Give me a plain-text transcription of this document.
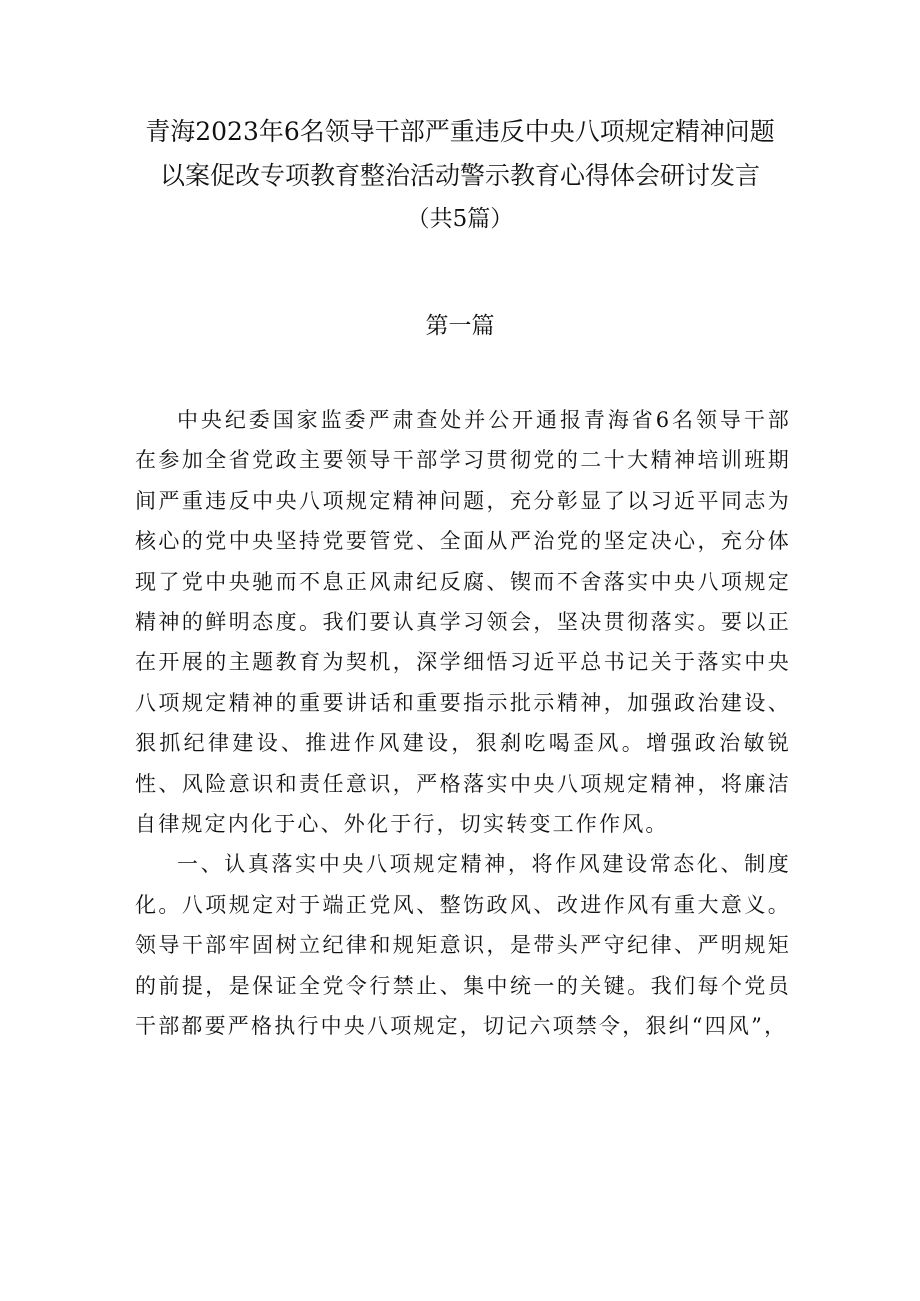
青海2023年6名领导干部严重违反中央八项规定精神问题
以案促改专项教育整治活动警示教育心得体会研讨发言
（共5篇）
第一篇

中央纪委国家监委严肃查处并公开通报青海省6名领导干部在参加全省党政主要领导干部学习贯彻党的二十大精神培训班期间严重违反中央八项规定精神问题，充分彰显了以习近平同志为核心的党中央坚持党要管党、全面从严治党的坚定决心，充分体现了党中央驰而不息正风肃纪反腐、锲而不舍落实中央八项规定精神的鲜明态度。我们要认真学习领会，坚决贯彻落实。要以正在开展的主题教育为契机，深学细悟习近平总书记关于落实中央八项规定精神的重要讲话和重要指示批示精神，加强政治建设、狠抓纪律建设、推进作风建设，狠刹吃喝歪风。增强政治敏锐性、风险意识和责任意识，严格落实中央八项规定精神，将廉洁自律规定内化于心、外化于行，切实转变工作作风。

一、认真落实中央八项规定精神，将作风建设常态化、制度化。八项规定对于端正党风、整饬政风、改进作风有重大意义。领导干部牢固树立纪律和规矩意识，是带头严守纪律、严明规矩的前提，是保证全党令行禁止、集中统一的关键。我们每个党员干部都要严格执行中央八项规定，切记六项禁令，狠纠“四风”，
